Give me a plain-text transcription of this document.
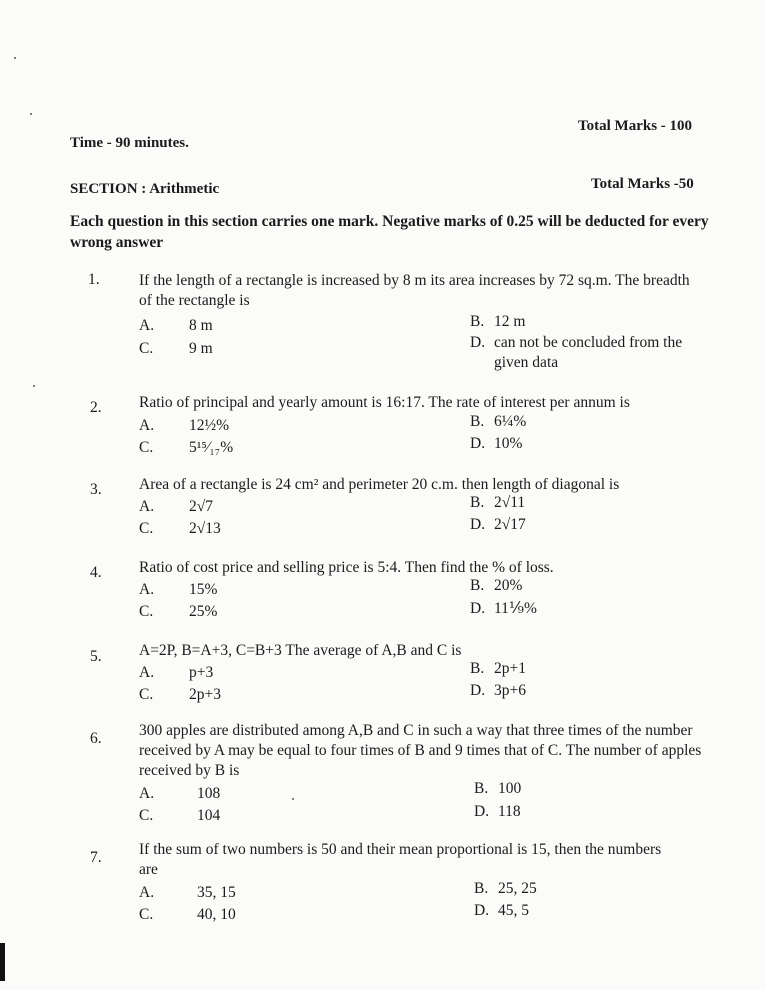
Total Marks - 100
Time - 90 minutes.
Total Marks -50
SECTION : Arithmetic
Each question in this section carries one mark. Negative marks of 0.25 will be deducted for every wrong answer
1.	If the length of a rectangle is increased by 8 m its area increases by 72 sq.m. The breadth of the rectangle is
A. 8 m	B. 12 m
C. 9 m	D. can not be concluded from the given data
2. Ratio of principal and yearly amount is 16:17. The rate of interest per annum is
A. 12½%	B. 6¼%
C. 5¹⁵⁄₁₇%	D. 10%
3. Area of a rectangle is 24 cm² and perimeter 20 c.m. then length of diagonal is
A. 2√7	B. 2√11
C. 2√13	D. 2√17
4. Ratio of cost price and selling price is 5:4. Then find the % of loss.
A. 15%	B. 20%
C. 25%	D. 11⅑%
5. A=2P, B=A+3, C=B+3 The average of A,B and C is
A. p+3	B. 2p+1
C. 2p+3	D. 3p+6
6. 300 apples are distributed among A,B and C in such a way that three times of the number received by A may be equal to four times of B and 9 times that of C. The number of apples received by B is
A.	108	B. 100
C.	104	D. 118
7. If the sum of two numbers is 50 and their mean proportional is 15, then the numbers are
A.	35, 15	B. 25, 25
C.	40, 10	D. 45, 5
